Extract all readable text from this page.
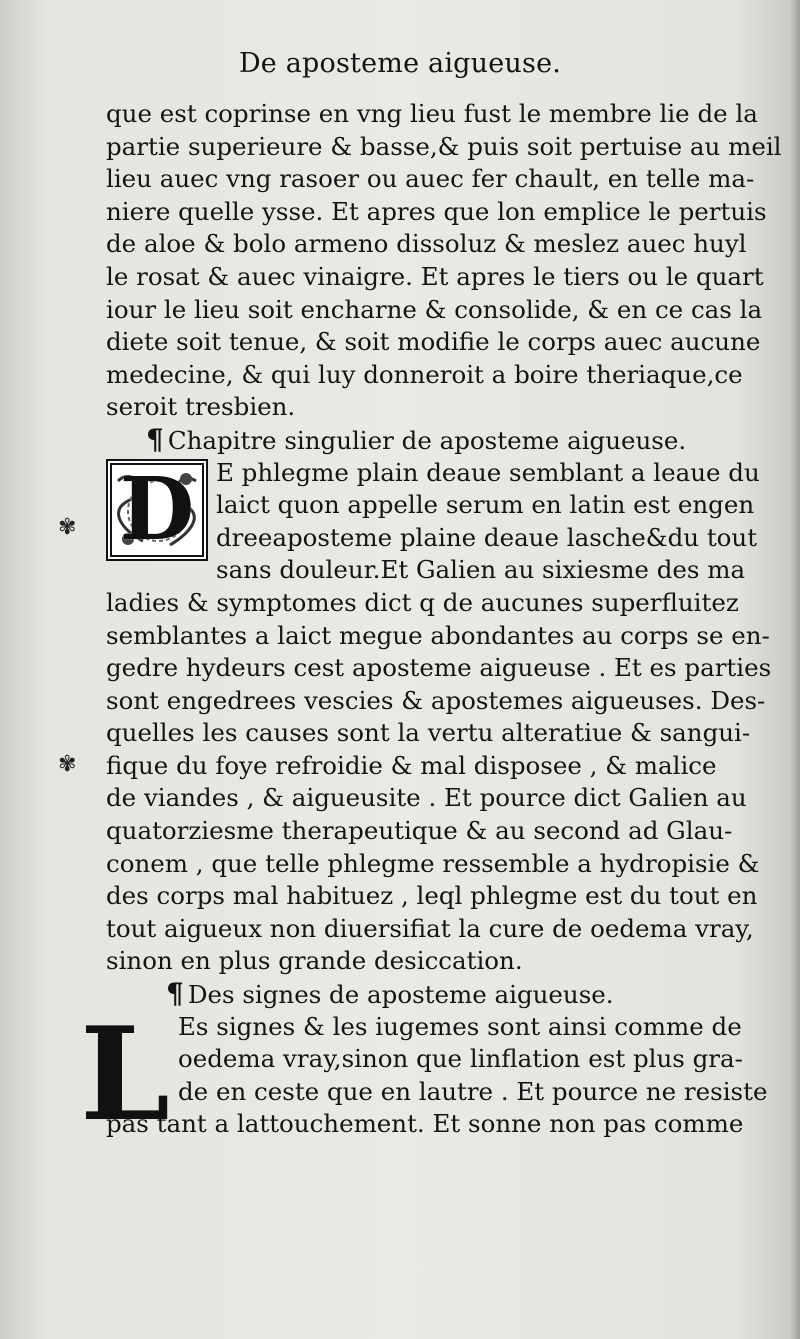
De aposteme aigueuse.
✾
✾
que est coprinse en vng lieu fust le membre lie de la
partie superieure & basse,& puis soit pertuise au meil
lieu auec vng rasoer ou auec fer chault, en telle ma-
niere quelle ysse. Et apres que lon emplice le pertuis
de aloe & bolo armeno dissoluz & meslez auec huyl
le rosat & auec vinaigre. Et apres le tiers ou le quart
iour le lieu soit encharne & consolide, & en ce cas la
diete soit tenue, & soit modifie le corps auec aucune
medecine, & qui luy donneroit a boire theriaque,ce
seroit tresbien.
¶ Chapitre singulier de aposteme aigueuse.
D E phlegme plain deaue semblant a leaue du
laict quon appelle serum en latin est engen
dreeaposteme plaine deaue lasche&du tout
sans douleur.Et Galien au sixiesme des ma
ladies & symptomes dict q de aucunes superfluitez
semblantes a laict megue abondantes au corps se en-
gedre hydeurs cest aposteme aigueuse . Et es parties
sont engedrees vescies & apostemes aigueuses. Des-
quelles les causes sont la vertu alteratiue & sangui-
fique du foye refroidie & mal disposee , & malice
de viandes , & aigueusite . Et pource dict Galien au
quatorziesme therapeutique & au second ad Glau-
conem , que telle phlegme ressemble a hydropisie &
des corps mal habituez , leql phlegme est du tout en
tout aigueux non diuersifiat la cure de oedema vray,
sinon en plus grande desiccation.
¶ Des signes de aposteme aigueuse.
L Es signes & les iugemes sont ainsi comme de
oedema vray,sinon que linflation est plus gra-
de en ceste que en lautre . Et pource ne resiste
pas tant a lattouchement. Et sonne non pas comme
